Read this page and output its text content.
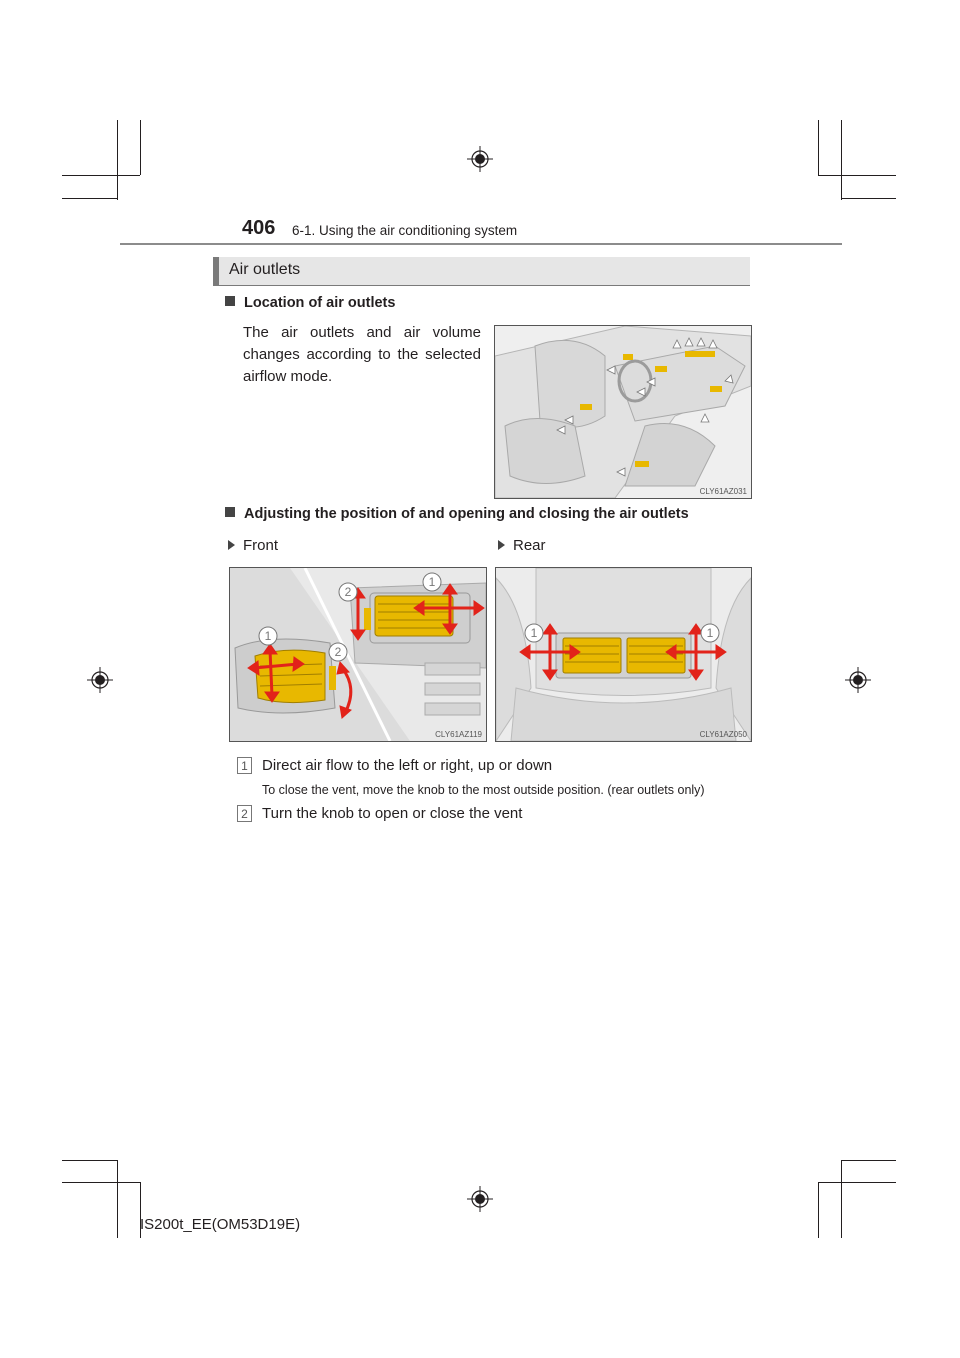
406 6-1. Using the air conditioning system
Air outlets
Location of air outlets
The air outlets and air volume changes according to the selected airflow mode.
CLY61AZ031
Adjusting the position of and opening and closing the air outlets
Front	Rear
2
1
1
2
CLY61AZ119
1	1
CLY61AZ050
1 Direct air flow to the left or right, up or down
To close the vent, move the knob to the most outside position. (rear outlets only)
2 Turn the knob to open or close the vent
IS200t_EE(OM53D19E)
